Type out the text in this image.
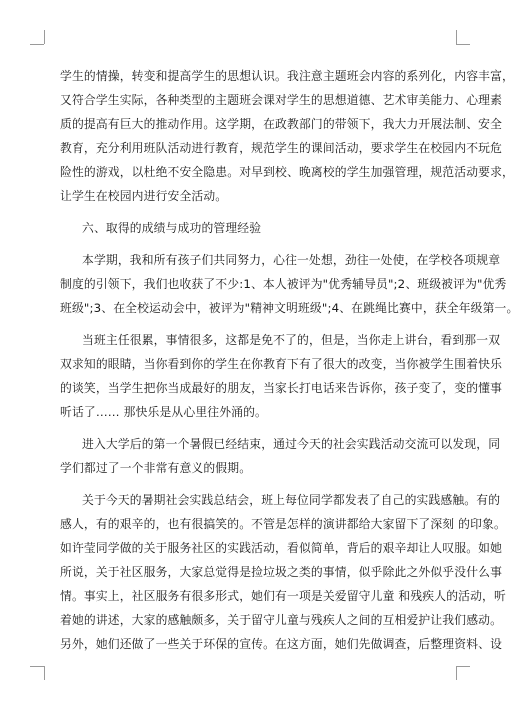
学生的情操，转变和提高学生的思想认识。我注意主题班会内容的系列化，内容丰富，
又符合学生实际，各种类型的主题班会课对学生的思想道德、艺术审美能力、心理素
质的提高有巨大的推动作用。这学期，在政教部门的带领下，我大力开展法制、安全
教育，充分利用班队活动进行教育，规范学生的课间活动，要求学生在校园内不玩危
险性的游戏，以杜绝不安全隐患。对早到校、晚离校的学生加强管理，规范活动要求，
让学生在校园内进行安全活动。
六、取得的成绩与成功的管理经验
本学期，我和所有孩子们共同努力，心往一处想，劲往一处使，在学校各项规章
制度的引领下，我们也收获了不少:1、本人被评为"优秀辅导员";2、班级被评为"优秀
班级";3、在全校运动会中，被评为"精神文明班级";4、在跳绳比赛中，获全年级第一。
当班主任很累，事情很多，这都是免不了的，但是，当你走上讲台，看到那一双
双求知的眼睛，当你看到你的学生在你教育下有了很大的改变，当你被学生围着快乐
的谈笑，当学生把你当成最好的朋友，当家长打电话来告诉你，孩子变了，变的懂事
听话了…… 那快乐是从心里往外涌的。
进入大学后的第一个暑假已经结束，通过今天的社会实践活动交流可以发现，同
学们都过了一个非常有意义的假期。
关于今天的暑期社会实践总结会，班上每位同学都发表了自己的实践感触。有的
感人，有的艰辛的，也有很搞笑的。不管是怎样的演讲都给大家留下了深刻 的印象。
如许莹同学做的关于服务社区的实践活动，看似简单，背后的艰辛却让人叹服。如她
所说，关于社区服务，大家总觉得是捡垃圾之类的事情，似乎除此之外似乎没什么事
情。事实上，社区服务有很多形式，她们有一项是关爱留守儿童 和残疾人的活动，听
着她的讲述，大家的感触颇多，关于留守儿童与残疾人之间的互相爱护让我们感动。
另外，她们还做了一些关于环保的宣传。在这方面，她们先做调查，后整理资料、设
